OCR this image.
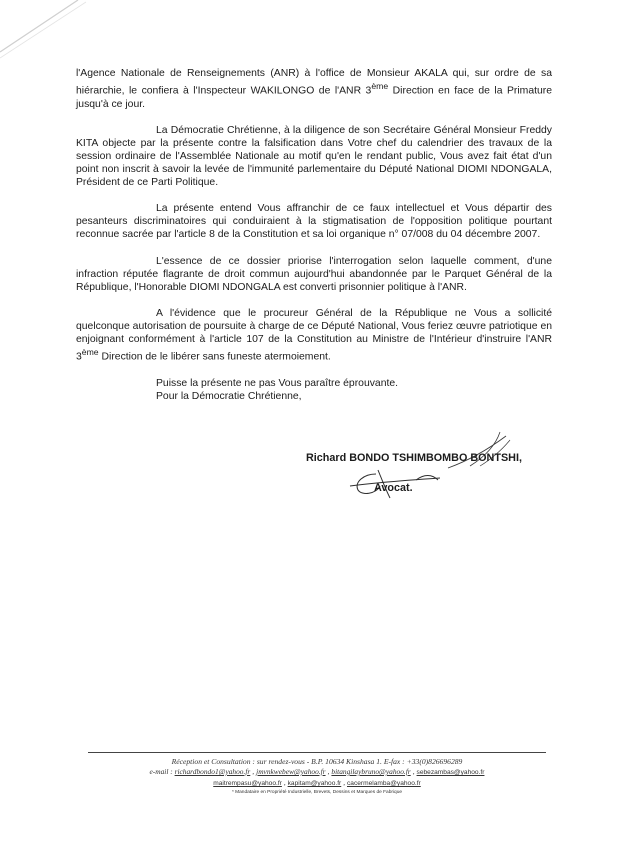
l'Agence Nationale de Renseignements (ANR) à l'office de Monsieur AKALA qui, sur ordre de sa hiérarchie, le confiera à l'Inspecteur WAKILONGO de l'ANR 3ème Direction en face de la Primature jusqu'à ce jour.

La Démocratie Chrétienne, à la diligence de son Secrétaire Général Monsieur Freddy KITA objecte par la présente contre la falsification dans Votre chef du calendrier des travaux de la session ordinaire de l'Assemblée Nationale au motif qu'en le rendant public, Vous avez fait état d'un point non inscrit à savoir la levée de l'immunité parlementaire du Député National DIOMI NDONGALA, Président de ce Parti Politique.

La présente entend Vous affranchir de ce faux intellectuel et Vous départir des pesanteurs discriminatoires qui conduiraient à la stigmatisation de l'opposition politique pourtant reconnue sacrée par l'article 8 de la Constitution et sa loi organique n° 07/008 du 04 décembre 2007.

L'essence de ce dossier priorise l'interrogation selon laquelle comment, d'une infraction réputée flagrante de droit commun aujourd'hui abandonnée par le Parquet Général de la République, l'Honorable DIOMI NDONGALA est converti prisonnier politique à l'ANR.

A l'évidence que le procureur Général de la République ne Vous a sollicité quelconque autorisation de poursuite à charge de ce Député National, Vous feriez œuvre patriotique en enjoignant conformément à l'article 107 de la Constitution au Ministre de l'Intérieur d'instruire l'ANR 3ème Direction de le libérer sans funeste atermoiement.

Puisse la présente ne pas Vous paraître éprouvante.
Pour la Démocratie Chrétienne,
Richard BONDO TSHIMBOMBO BONTSHI,
Avocat.
Réception et Consultation : sur rendez-vous - B.P. 10634 Kinshasa 1. E-fax : +33(0)826696289
e-mail : richardbondo1@yahoo.fr , jmvnkwebew@yahoo.fr , bitangilaybruno@yahoo.fr , sebezambas@yahoo.fr
maitrempasu@yahoo.fr , kapitam@yahoo.fr , cacermelamba@yahoo.fr
* Mandataire en Propriété Industrielle, Brevets, Dessins et Marques de Fabrique
